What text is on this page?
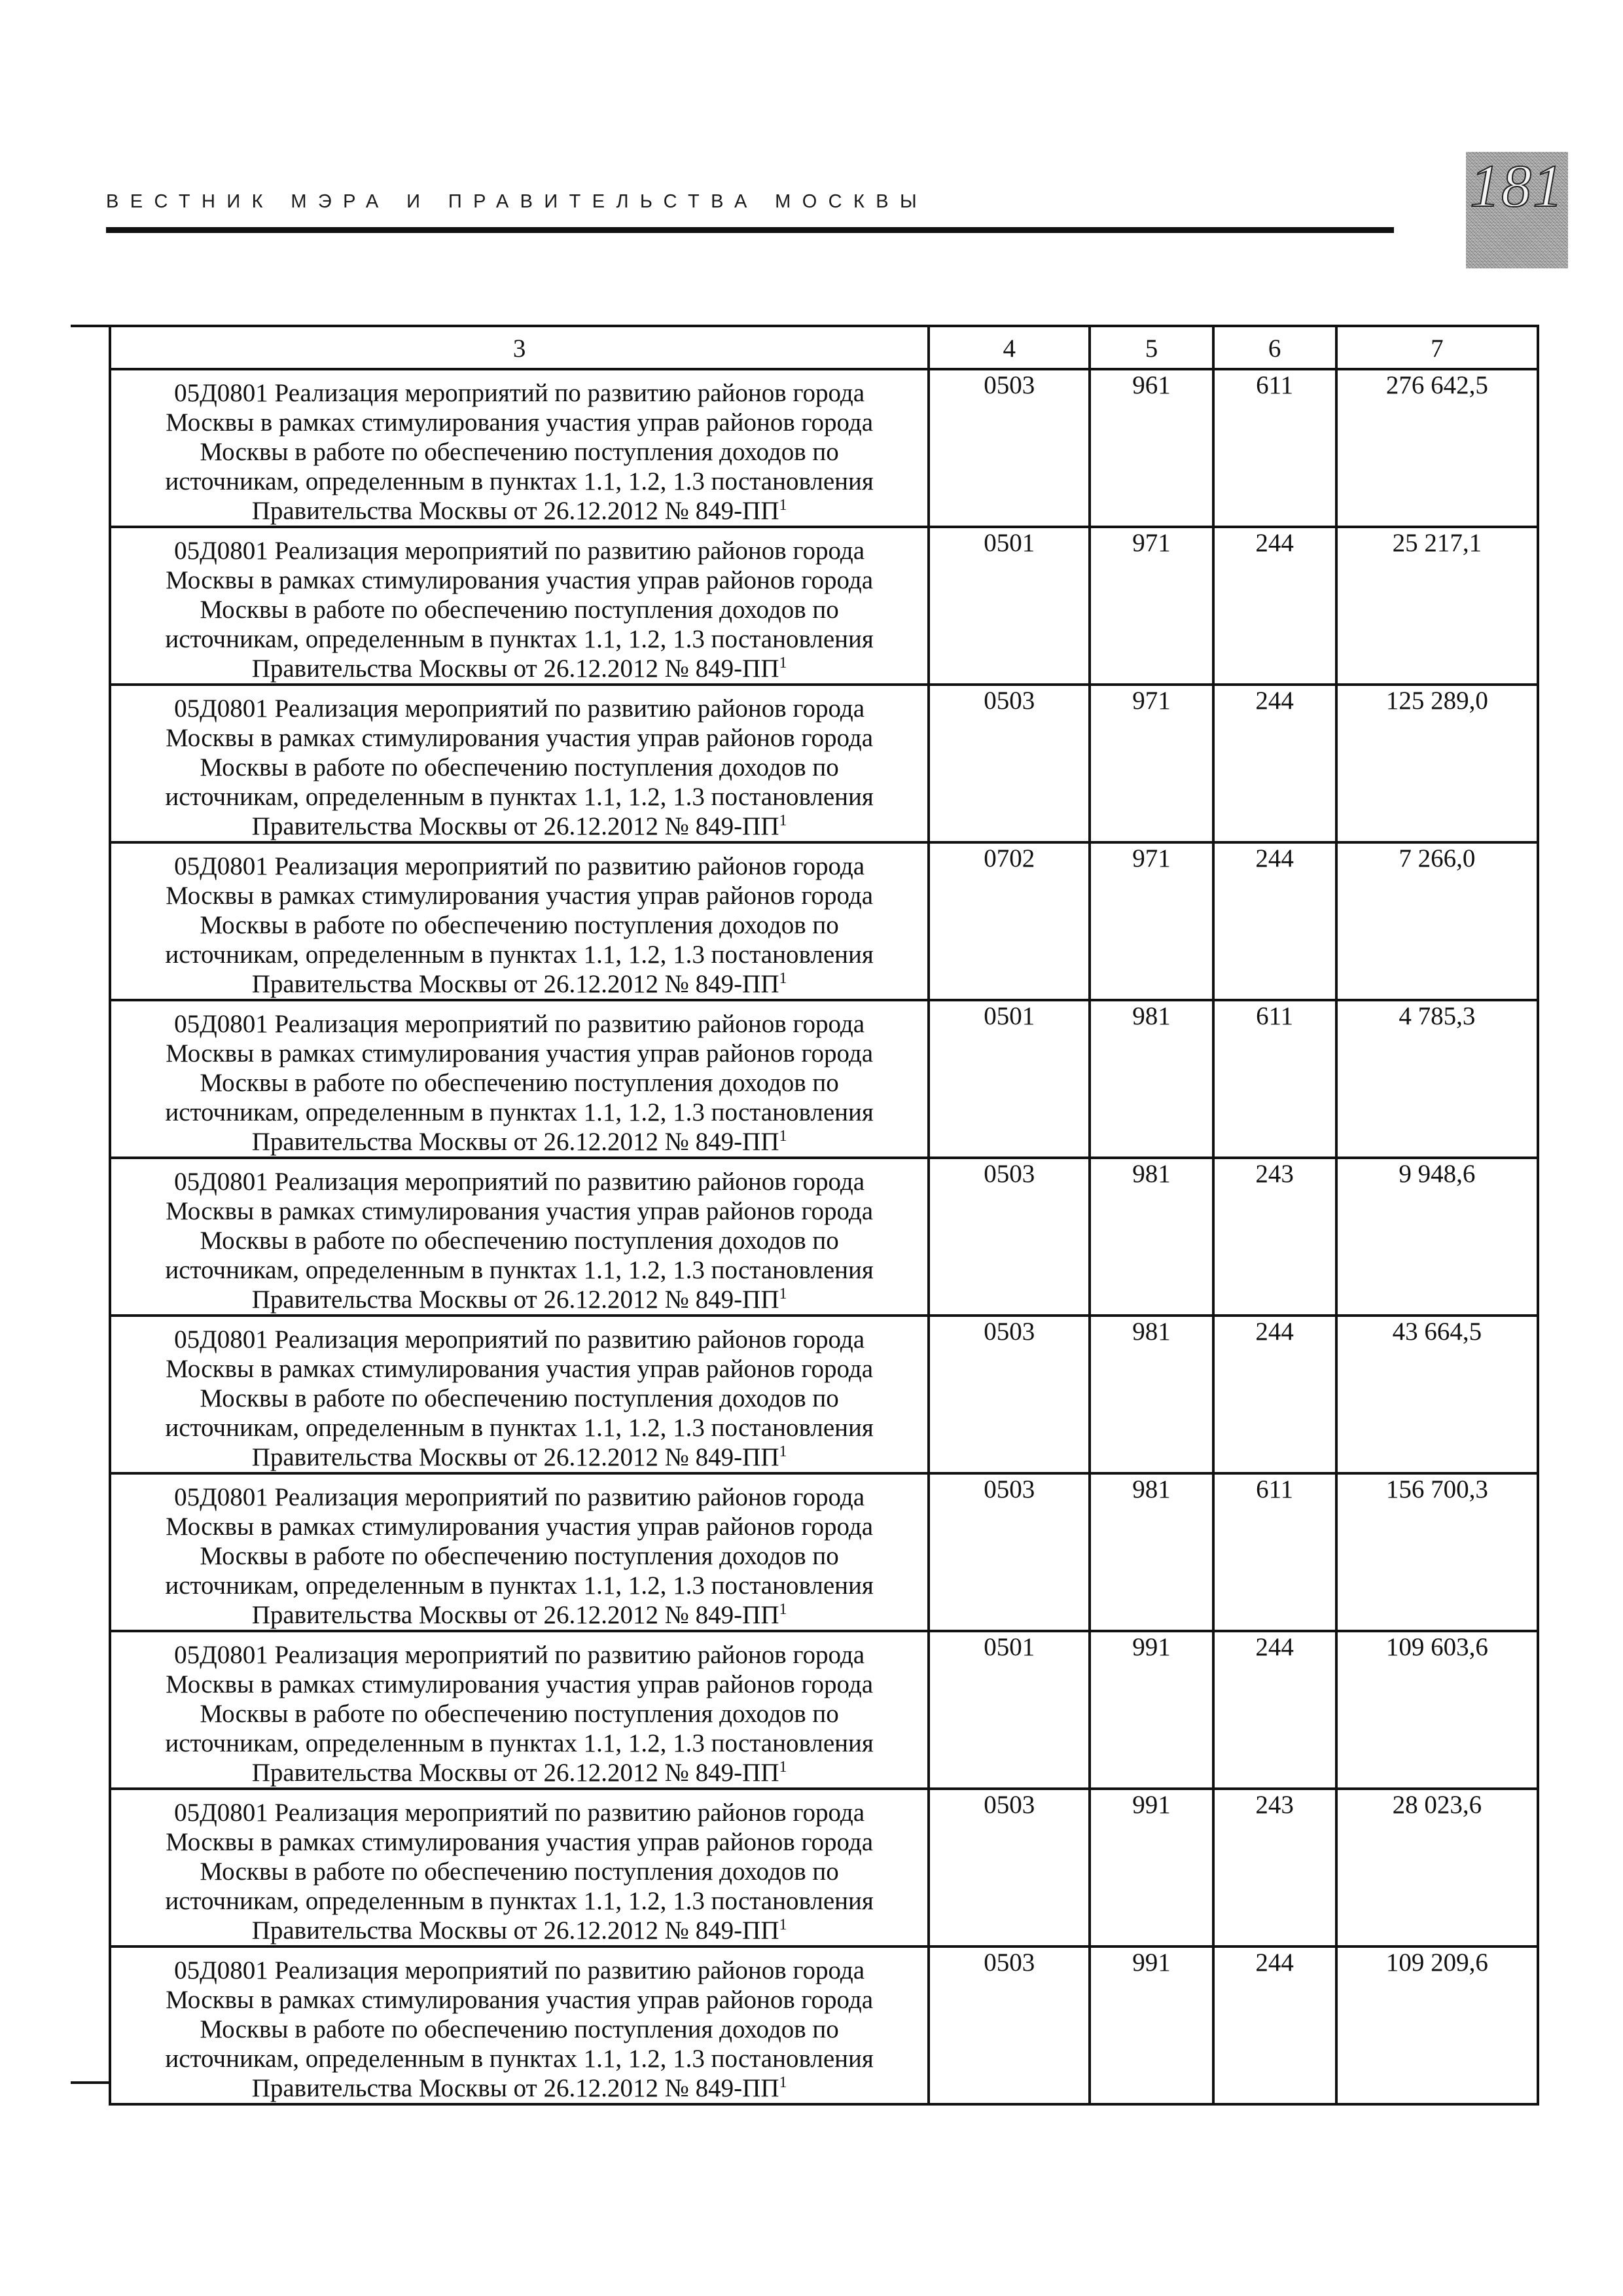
ВЕСТНИК МЭРА И ПРАВИТЕЛЬСТВА МОСКВЫ	181
	3	4	5	6	7

	05Д0801 Реализация мероприятий по развитию районов города Москвы в рамках стимулирования участия управ районов города Москвы в работе по обеспечению поступления доходов по источникам, определенным в пунктах 1.1, 1.2, 1.3 постановления Правительства Москвы от 26.12.2012 № 849-ПП$^1$	0503	961	611	276 642,5

	05Д0801 Реализация мероприятий по развитию районов города Москвы в рамках стимулирования участия управ районов города Москвы в работе по обеспечению поступления доходов по источникам, определенным в пунктах 1.1, 1.2, 1.3 постановления Правительства Москвы от 26.12.2012 № 849-ПП$^1$	0501	971	244	25 217,1

	05Д0801 Реализация мероприятий по развитию районов города Москвы в рамках стимулирования участия управ районов города Москвы в работе по обеспечению поступления доходов по источникам, определенным в пунктах 1.1, 1.2, 1.3 постановления Правительства Москвы от 26.12.2012 № 849-ПП$^1$	0503	971	244	125 289,0

	05Д0801 Реализация мероприятий по развитию районов города Москвы в рамках стимулирования участия управ районов города Москвы в работе по обеспечению поступления доходов по источникам, определенным в пунктах 1.1, 1.2, 1.3 постановления Правительства Москвы от 26.12.2012 № 849-ПП$^1$	0702	971	244	7 266,0

	05Д0801 Реализация мероприятий по развитию районов города Москвы в рамках стимулирования участия управ районов города Москвы в работе по обеспечению поступления доходов по источникам, определенным в пунктах 1.1, 1.2, 1.3 постановления Правительства Москвы от 26.12.2012 № 849-ПП$^1$	0501	981	611	4 785,3

	05Д0801 Реализация мероприятий по развитию районов города Москвы в рамках стимулирования участия управ районов города Москвы в работе по обеспечению поступления доходов по источникам, определенным в пунктах 1.1, 1.2, 1.3 постановления Правительства Москвы от 26.12.2012 № 849-ПП$^1$	0503	981	243	9 948,6

	05Д0801 Реализация мероприятий по развитию районов города Москвы в рамках стимулирования участия управ районов города Москвы в работе по обеспечению поступления доходов по источникам, определенным в пунктах 1.1, 1.2, 1.3 постановления Правительства Москвы от 26.12.2012 № 849-ПП$^1$	0503	981	244	43 664,5

	05Д0801 Реализация мероприятий по развитию районов города Москвы в рамках стимулирования участия управ районов города Москвы в работе по обеспечению поступления доходов по источникам, определенным в пунктах 1.1, 1.2, 1.3 постановления Правительства Москвы от 26.12.2012 № 849-ПП$^1$	0503	981	611	156 700,3

	05Д0801 Реализация мероприятий по развитию районов города Москвы в рамках стимулирования участия управ районов города Москвы в работе по обеспечению поступления доходов по источникам, определенным в пунктах 1.1, 1.2, 1.3 постановления Правительства Москвы от 26.12.2012 № 849-ПП$^1$	0501	991	244	109 603,6

	05Д0801 Реализация мероприятий по развитию районов города Москвы в рамках стимулирования участия управ районов города Москвы в работе по обеспечению поступления доходов по источникам, определенным в пунктах 1.1, 1.2, 1.3 постановления Правительства Москвы от 26.12.2012 № 849-ПП$^1$	0503	991	243	28 023,6

	05Д0801 Реализация мероприятий по развитию районов города Москвы в рамках стимулирования участия управ районов города Москвы в работе по обеспечению поступления доходов по источникам, определенным в пунктах 1.1, 1.2, 1.3 постановления Правительства Москвы от 26.12.2012 № 849-ПП$^1$	0503	991	244	109 209,6
